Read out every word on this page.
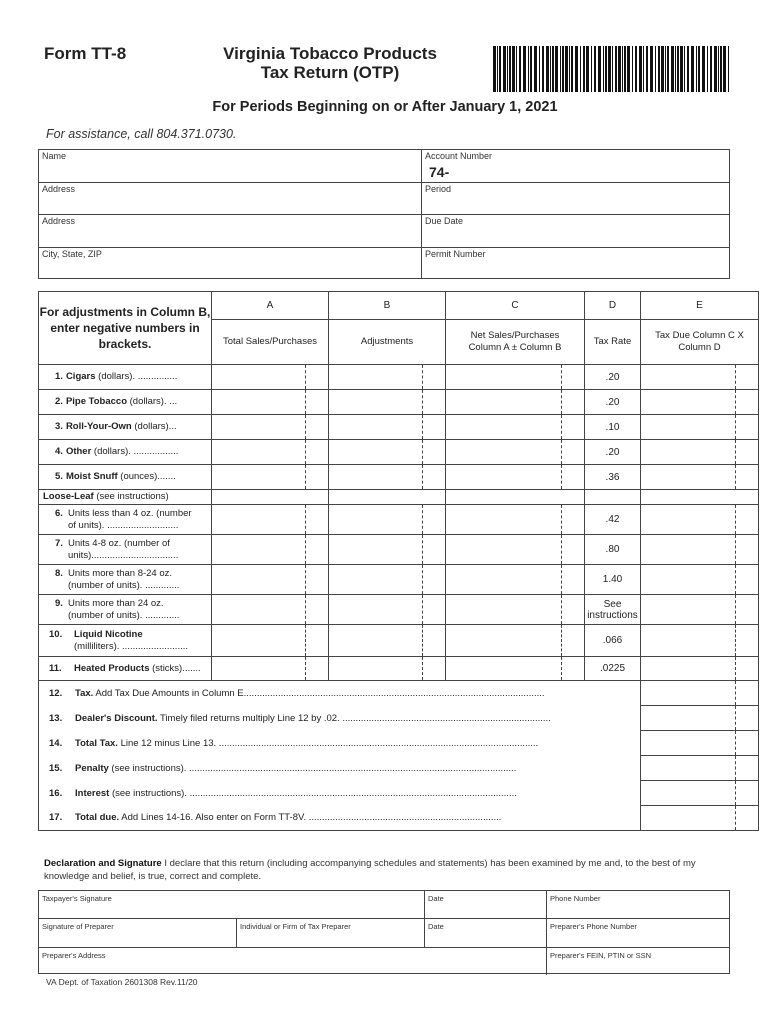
Form TT-8	Virginia Tobacco Products
Tax Return (OTP)
For Periods Beginning on or After January 1, 2021
For assistance, call 804.371.0730.
Name	Account Number
74-
Address	Period
Address	Due Date
City, State, ZIP	Permit Number
For adjustments in Column B, enter negative numbers in brackets.	A	B	C	D	E
	Total Sales/Purchases	Adjustments	Net Sales/Purchases Column A ± Column B	Tax Rate	Tax Due Column C X Column D
1. Cigars (dollars). ...............				.20	

2. Pipe Tobacco (dollars). ...				.20	

3. Roll-Your-Own (dollars)...				.10	

4. Other (dollars). .................				.20	

5. Moist Snuff (ounces).......				.36	

Loose-Leaf (see instructions)					

6. Units less than 4 oz. (number
of units). ...........................				.42	

7. Units 4-8 oz. (number of
units).................................				.80	

8. Units more than 8-24 oz.
(number of units). .............				1.40	

9. Units more than 24 oz.
(number of units). .............				See instructions	

10. Liquid Nicotine
(milliliters). .........................				.066	

11. Heated Products (sticks).......				.0225	

12. Tax. Add Tax Due Amounts in Column E..................................................................................................................					

13. Dealer's Discount. Timely filed returns multiply Line 12 by .02. ...............................................................................					

14. Total Tax. Line 12 minus Line 13. .........................................................................................................................					

15. Penalty (see instructions). ............................................................................................................................					

16. Interest (see instructions). ............................................................................................................................					

17. Total due. Add Lines 14-16. Also enter on Form TT-8V. .........................................................................					
Declaration and Signature I declare that this return (including accompanying schedules and statements) has been examined by me and, to the best of my knowledge and belief, is true, correct and complete.
Taxpayer's Signature	Date	Phone Number
Signature of Preparer	Individual or Firm of Tax Preparer	Date	Preparer's Phone Number
Preparer's Address	Preparer's FEIN, PTIN or SSN
VA Dept. of Taxation 2601308 Rev.11/20
